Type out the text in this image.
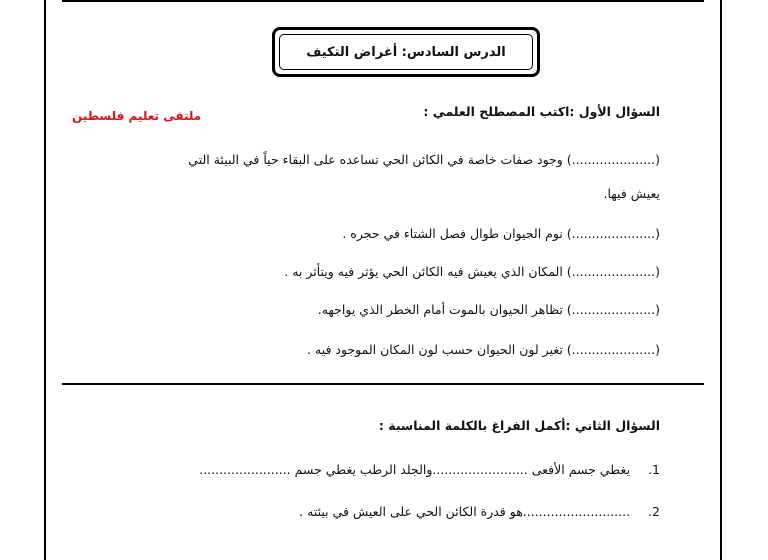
الدرس السادس: أغراض التكيف
ملتقى تعليم فلسطين	السؤال الأول :اكتب المصطلح العلمي :
(.....................) وجود صفات خاصة في الكائن الحي تساعده على البقاء حياً في البيئة التي
يعيش فيها.
(.....................) نوم الحيوان طوال فصل الشتاء في حجره .
(.....................) المكان الذي يعيش فيه الكائن الحي يؤثر فيه ويتأثر به .
(.....................) تظاهر الحيوان بالموت أمام الخطر الذي يواجهه.
(.....................) تغير لون الحيوان حسب لون المكان الموجود فيه .
السؤال الثاني :أكمل الفراغ بالكلمة المناسبة :
1. يغطي جسم الأفعى ........................والجلد الرطب يغطي جسم .......................
2. ...........................هو قدرة الكائن الحي على العيش في بيئته .
